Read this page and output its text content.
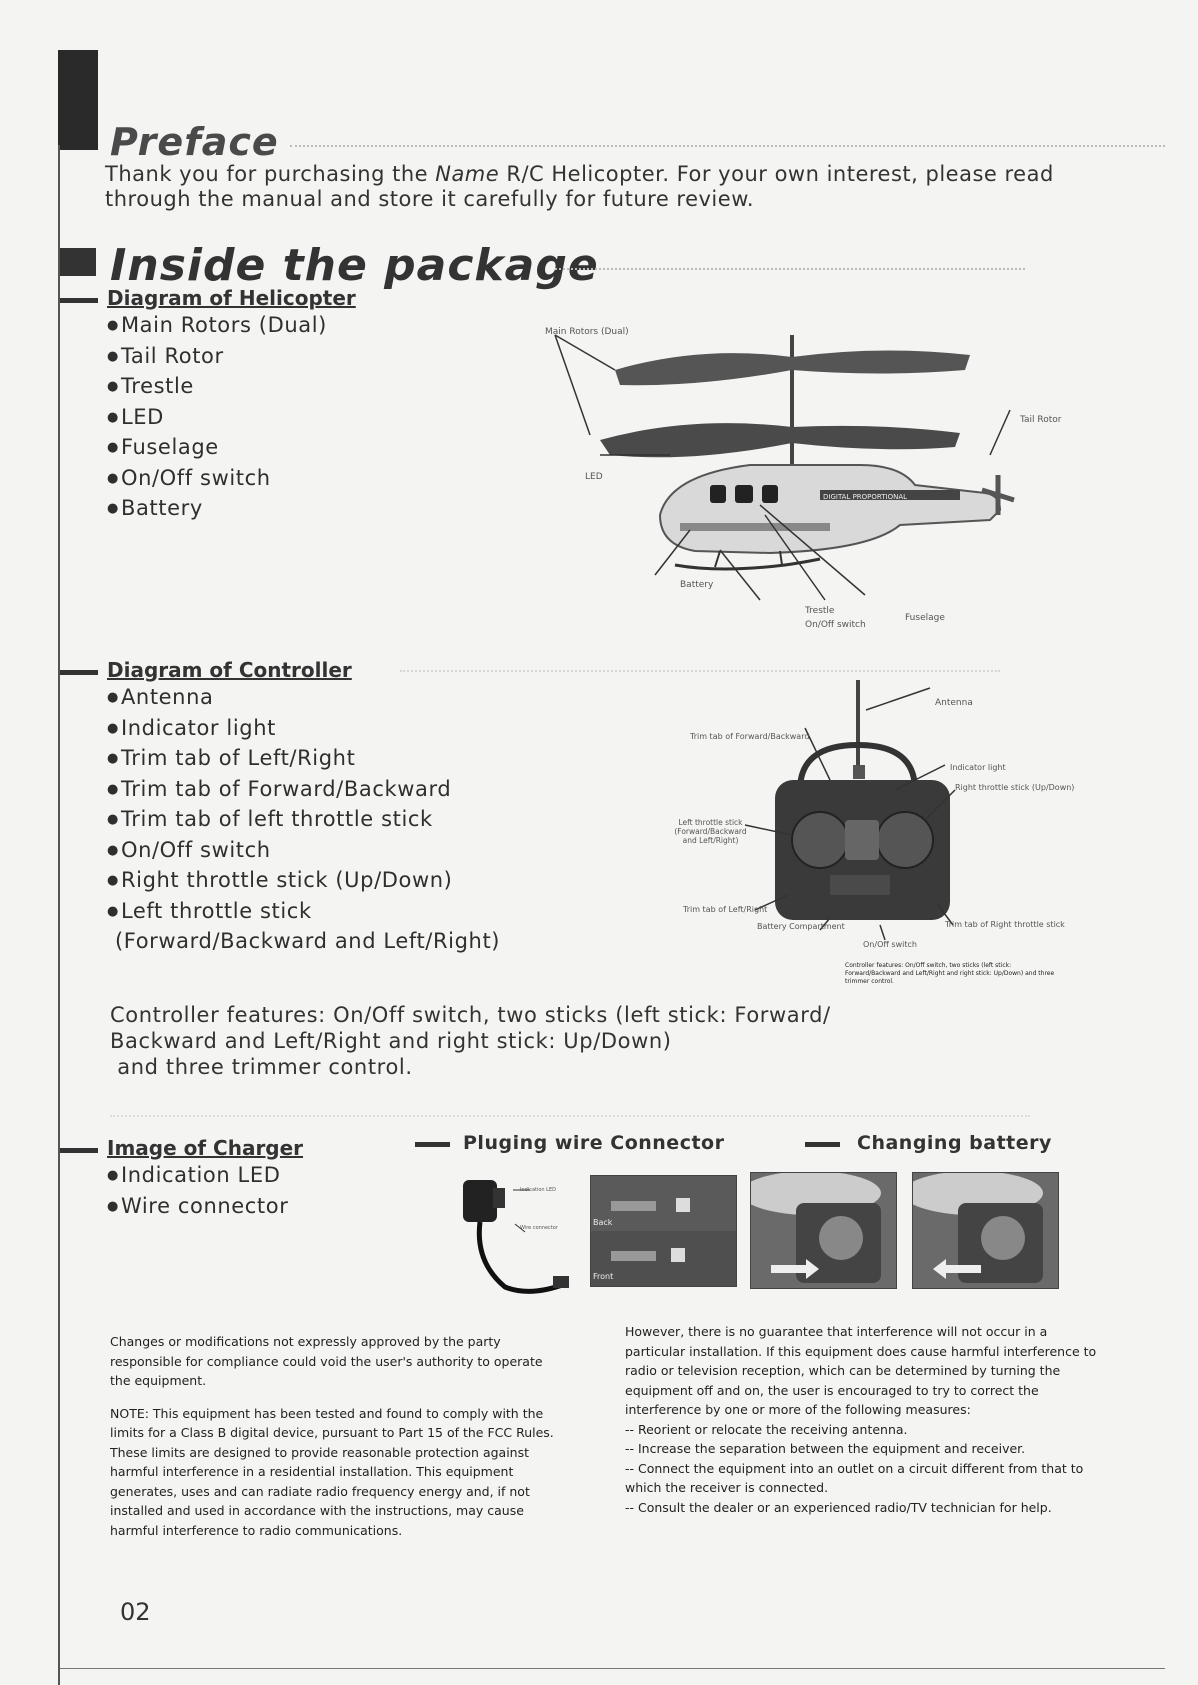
Preface
Thank you for purchasing the Name R/C Helicopter. For your own interest, please read through the manual and store it carefully for future review.
Inside the package
Diagram of Helicopter
● Main Rotors (Dual)
● Tail Rotor
● Trestle
● LED
● Fuselage
● On/Off switch
● Battery	DIGITAL PROPORTIONAL
Main Rotors (Dual)
Tail Rotor
LED
Battery
Trestle
On/Off switch
Fuselage
Diagram of Controller
● Antenna
● Indicator light
● Trim tab of Left/Right
● Trim tab of Forward/Backward
● Trim tab of left throttle stick
● On/Off switch
● Right throttle stick (Up/Down)
● Left throttle stick
(Forward/Backward and Left/Right)
Antenna
Trim tab of Forward/Backward
Indicator light
Right throttle stick (Up/Down)
Left throttle stick (Forward/Backward and Left/Right)
Trim tab of Left/Right
Battery Compartment	Trim tab of Right throttle stick
On/Off switch
Controller features: On/Off switch, two sticks (left stick: Forward/Backward and Left/Right and right stick: Up/Down) and three trimmer control.
Controller features: On/Off switch, two sticks (left stick: Forward/
Backward and Left/Right and right stick: Up/Down)
and three trimmer control.
Image of Charger
● Indication LED
● Wire connector
Pluging wire Connector	Changing battery
Indication LED
Wire connector
Back
Front

Changes or modifications not expressly approved by the party responsible for compliance could void the user's authority to operate the equipment.

NOTE: This equipment has been tested and found to comply with the limits for a Class B digital device, pursuant to Part 15 of the FCC Rules. These limits are designed to provide reasonable protection against harmful interference in a residential installation. This equipment generates, uses and can radiate radio frequency energy and, if not installed and used in accordance with the instructions, may cause harmful interference to radio communications.

However, there is no guarantee that interference will not occur in a particular installation. If this equipment does cause harmful interference to radio or television reception, which can be determined by turning the equipment off and on, the user is encouraged to try to correct the interference by one or more of the following measures:
-- Reorient or relocate the receiving antenna.
-- Increase the separation between the equipment and receiver.
-- Connect the equipment into an outlet on a circuit different from that to which the receiver is connected.
-- Consult the dealer or an experienced radio/TV technician for help.
02
